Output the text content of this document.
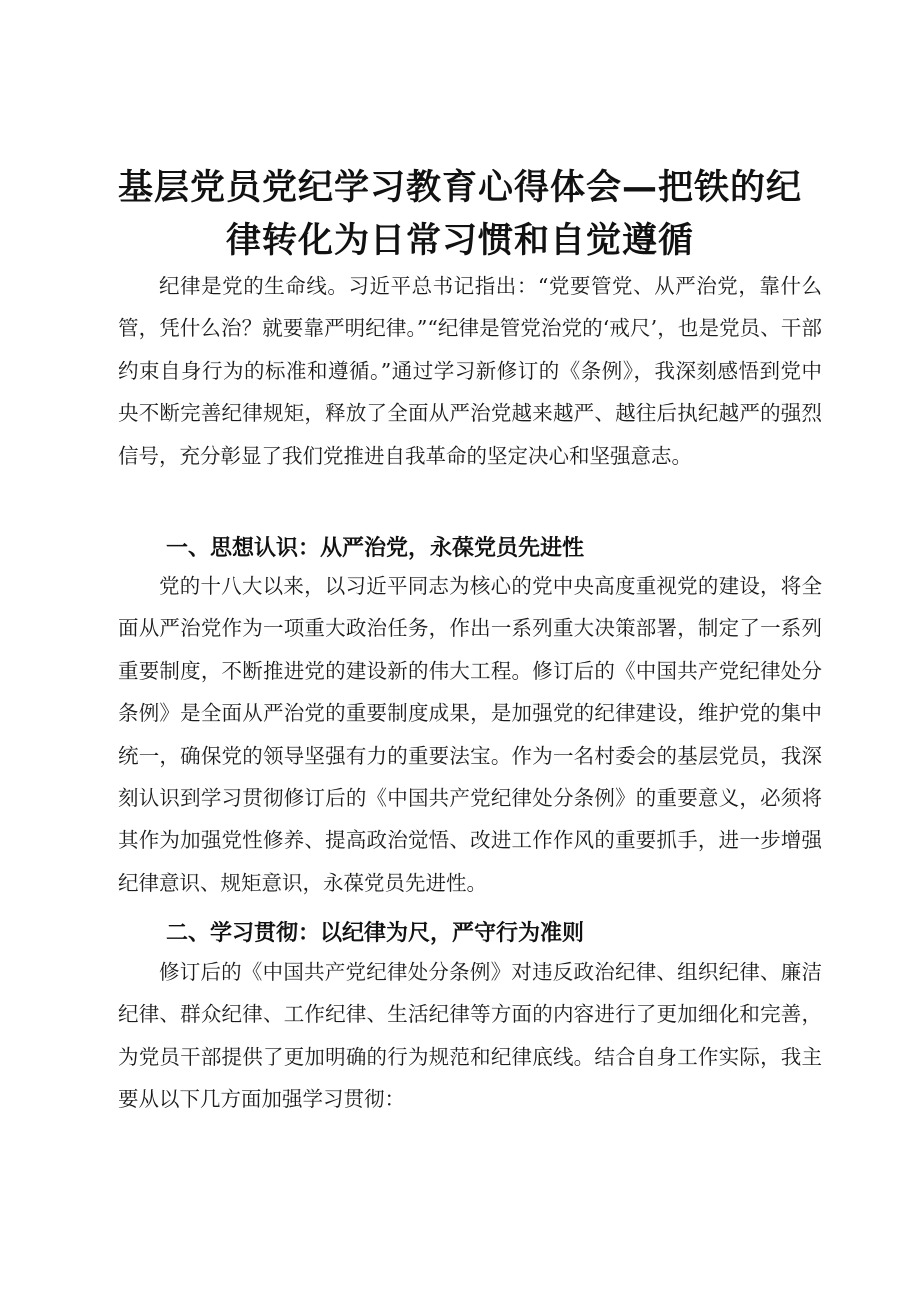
基层党员党纪学习教育心得体会—把铁的纪
律转化为日常习惯和自觉遵循

纪律是党的生命线。习近平总书记指出：“党要管党、从严治党，靠什么管，凭什么治？就要靠严明纪律。”“纪律是管党治党的‘戒尺’，也是党员、干部约束自身行为的标准和遵循。”通过学习新修订的《条例》，我深刻感悟到党中央不断完善纪律规矩，释放了全面从严治党越来越严、越往后执纪越严的强烈信号，充分彰显了我们党推进自我革命的坚定决心和坚强意志。

一、思想认识：从严治党，永葆党员先进性

党的十八大以来，以习近平同志为核心的党中央高度重视党的建设，将全面从严治党作为一项重大政治任务，作出一系列重大决策部署，制定了一系列重要制度，不断推进党的建设新的伟大工程。修订后的《中国共产党纪律处分条例》是全面从严治党的重要制度成果，是加强党的纪律建设，维护党的集中统一，确保党的领导坚强有力的重要法宝。作为一名村委会的基层党员，我深刻认识到学习贯彻修订后的《中国共产党纪律处分条例》的重要意义，必须将其作为加强党性修养、提高政治觉悟、改进工作作风的重要抓手，进一步增强纪律意识、规矩意识，永葆党员先进性。

二、学习贯彻：以纪律为尺，严守行为准则

修订后的《中国共产党纪律处分条例》对违反政治纪律、组织纪律、廉洁纪律、群众纪律、工作纪律、生活纪律等方面的内容进行了更加细化和完善，为党员干部提供了更加明确的行为规范和纪律底线。结合自身工作实际，我主要从以下几方面加强学习贯彻：
